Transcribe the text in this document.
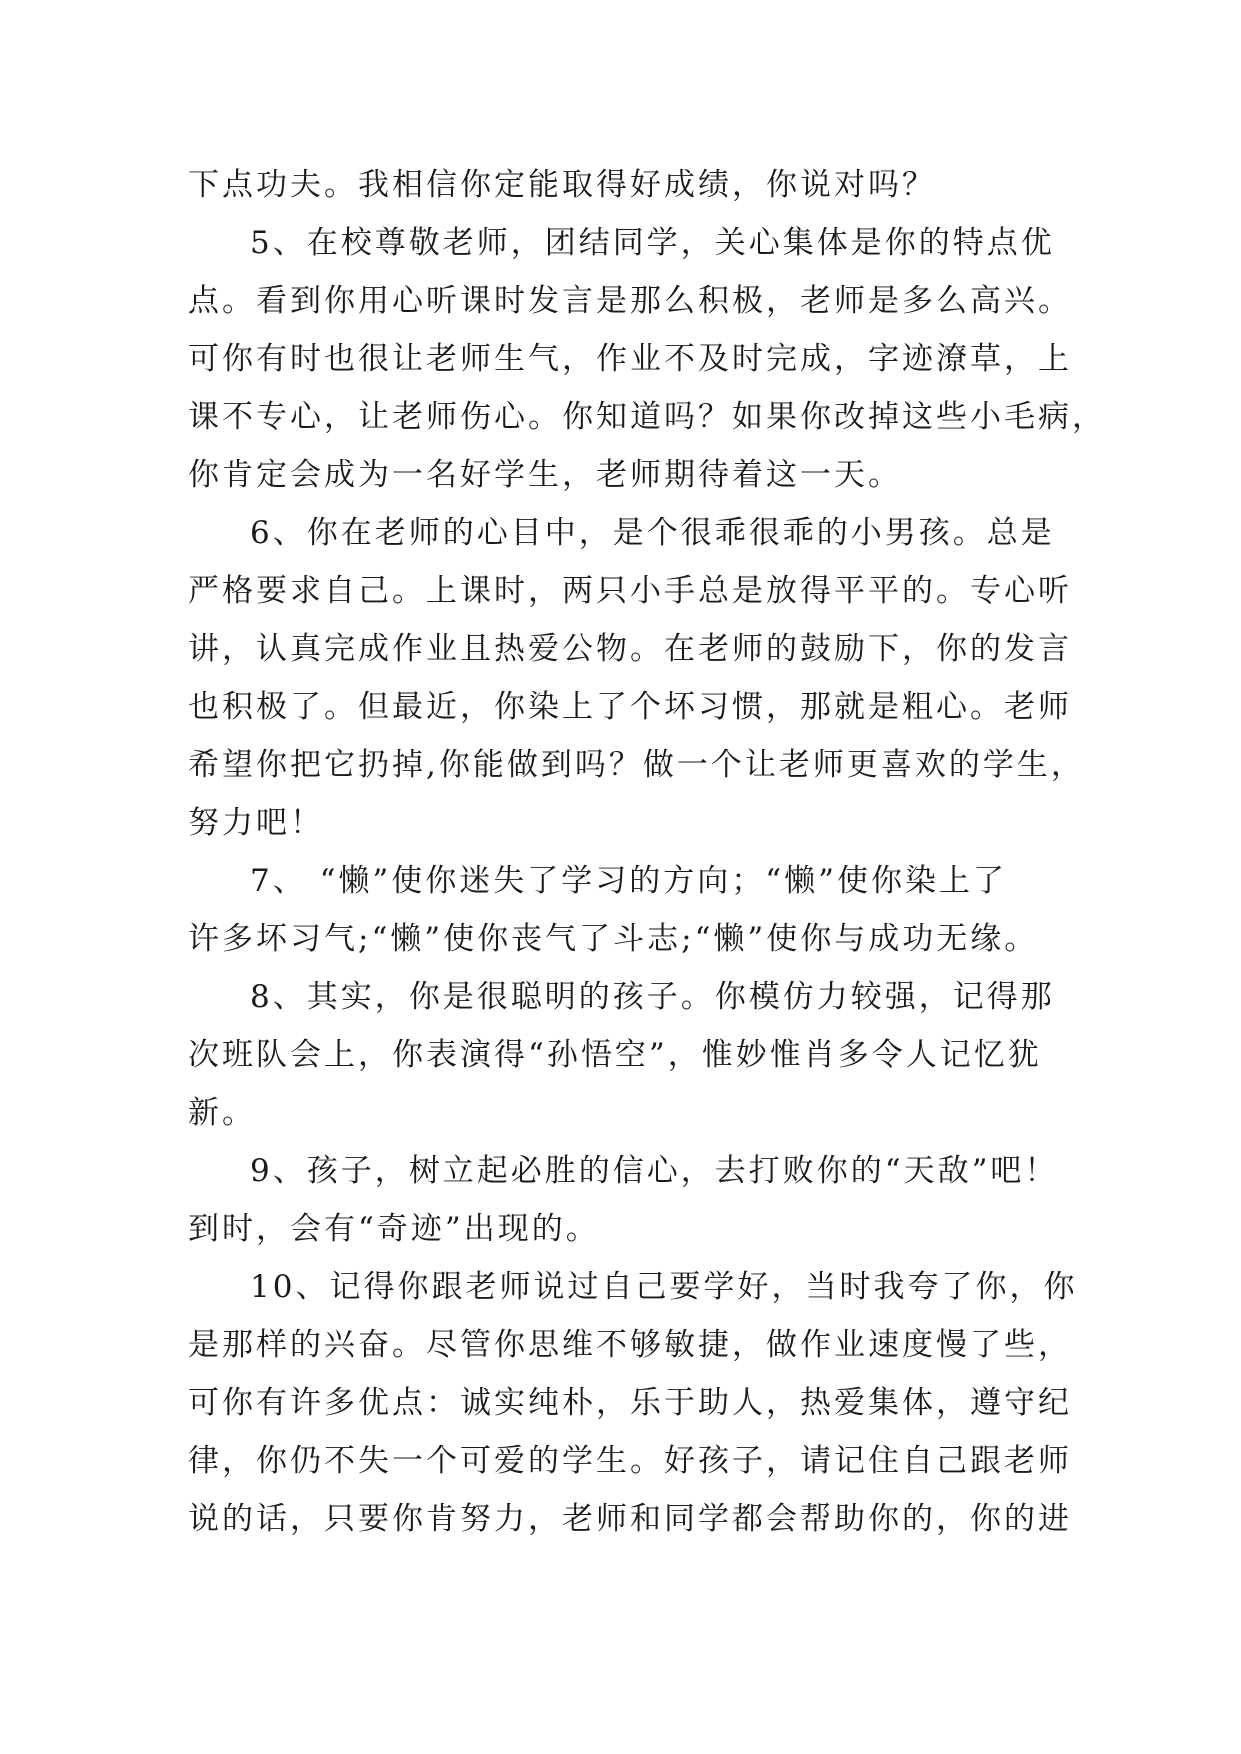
下点功夫。我相信你定能取得好成绩，你说对吗？
5、在校尊敬老师，团结同学，关心集体是你的特点优
点。看到你用心听课时发言是那么积极，老师是多么高兴。
可你有时也很让老师生气，作业不及时完成，字迹潦草，上
课不专心，让老师伤心。你知道吗？如果你改掉这些小毛病，
你肯定会成为一名好学生，老师期待着这一天。
6、你在老师的心目中，是个很乖很乖的小男孩。总是
严格要求自己。上课时，两只小手总是放得平平的。专心听
讲，认真完成作业且热爱公物。在老师的鼓励下，你的发言
也积极了。但最近，你染上了个坏习惯，那就是粗心。老师
希望你把它扔掉,你能做到吗？做一个让老师更喜欢的学生，
努力吧！
7、 “懒”使你迷失了学习的方向；“懒”使你染上了
许多坏习气;“懒”使你丧气了斗志;“懒”使你与成功无缘。
8、其实，你是很聪明的孩子。你模仿力较强，记得那
次班队会上，你表演得“孙悟空”，惟妙惟肖多令人记忆犹
新。
9、孩子，树立起必胜的信心，去打败你的“天敌”吧！
到时，会有“奇迹”出现的。
10、记得你跟老师说过自己要学好，当时我夸了你，你
是那样的兴奋。尽管你思维不够敏捷，做作业速度慢了些，
可你有许多优点：诚实纯朴，乐于助人，热爱集体，遵守纪
律，你仍不失一个可爱的学生。好孩子，请记住自己跟老师
说的话，只要你肯努力，老师和同学都会帮助你的，你的进
